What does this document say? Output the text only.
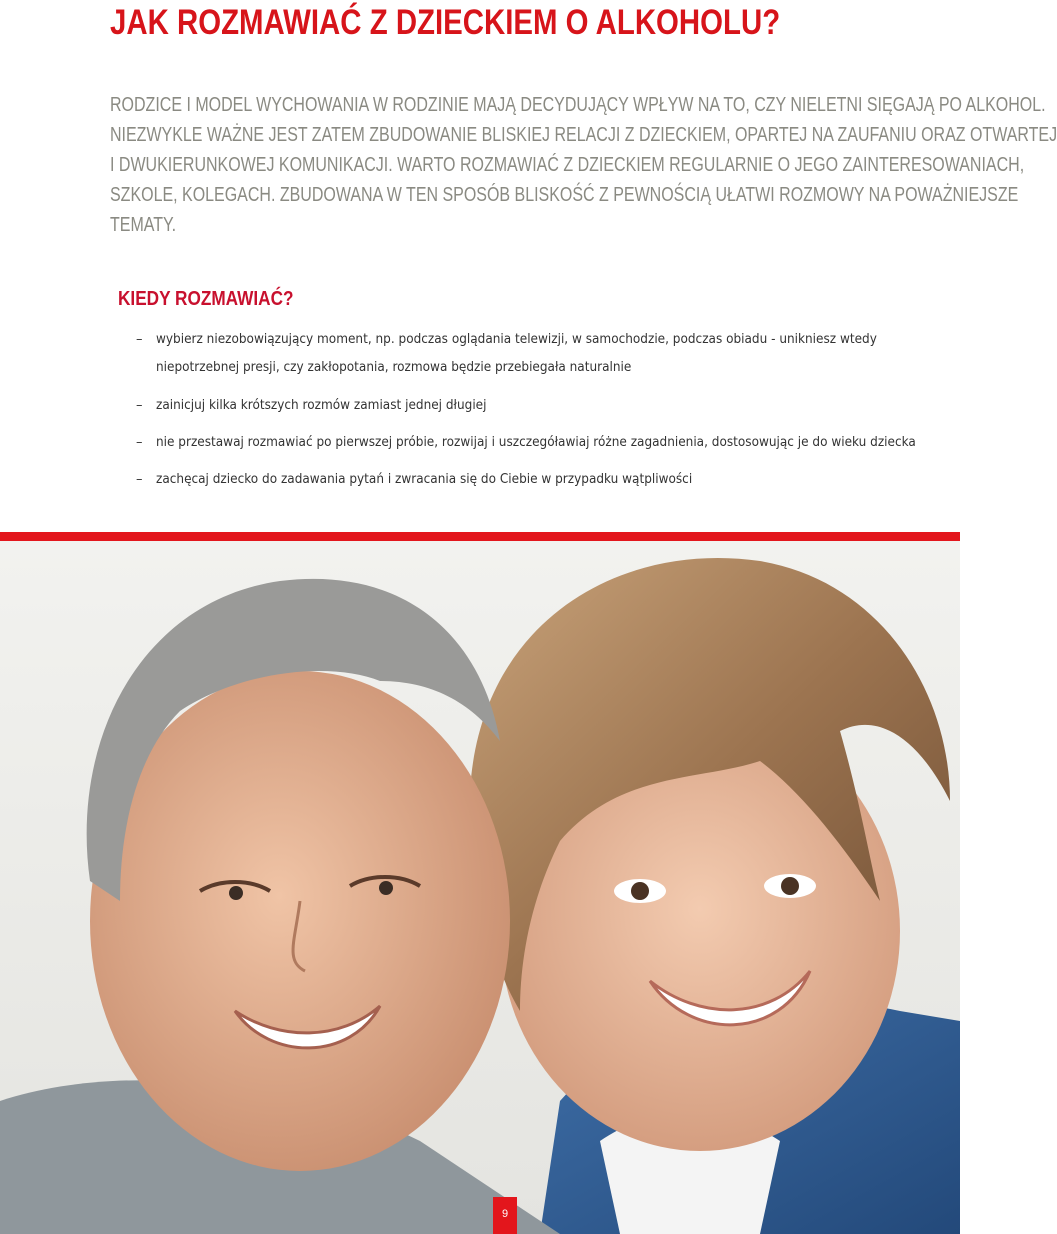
JAK ROZMAWIAĆ Z DZIECKIEM O ALKOHOLU?

RODZICE I MODEL WYCHOWANIA W RODZINIE MAJĄ DECYDUJĄCY WPŁYW NA TO, CZY NIELETNI SIĘGAJĄ PO ALKOHOL.
NIEZWYKLE WAŻNE JEST ZATEM ZBUDOWANIE BLISKIEJ RELACJI Z DZIECKIEM, OPARTEJ NA ZAUFANIU ORAZ OTWARTEJ
I DWUKIERUNKOWEJ KOMUNIKACJI. WARTO ROZMAWIAĆ Z DZIECKIEM REGULARNIE O JEGO ZAINTERESOWANIACH,
SZKOLE, KOLEGACH. ZBUDOWANA W TEN SPOSÓB BLISKOŚĆ Z PEWNOŚCIĄ UŁATWI ROZMOWY NA POWAŻNIEJSZE
TEMATY.

KIEDY ROZMAWIAĆ?
– wybierz niezobowiązujący moment, np. podczas oglądania telewizji, w samochodzie, podczas obiadu - unikniesz wtedy
niepotrzebnej presji, czy zakłopotania, rozmowa będzie przebiegała naturalnie
– zainicjuj kilka krótszych rozmów zamiast jednej długiej
– nie przestawaj rozmawiać po pierwszej próbie, rozwijaj i uszczegóławiaj różne zagadnienia, dostosowując je do wieku dziecka
– zachęcaj dziecko do zadawania pytań i zwracania się do Ciebie w przypadku wątpliwości
9
